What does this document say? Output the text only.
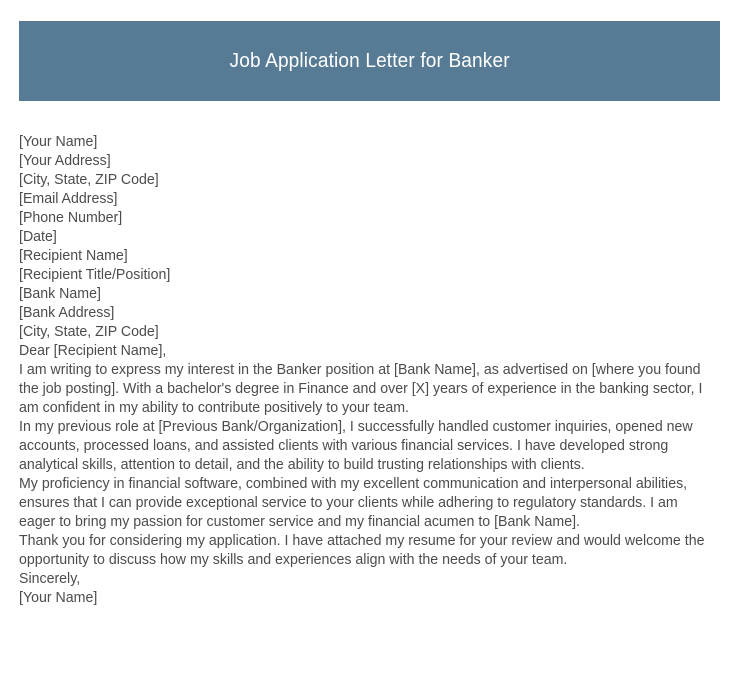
Job Application Letter for Banker
[Your Name]
[Your Address]
[City, State, ZIP Code]
[Email Address]
[Phone Number]
[Date]
[Recipient Name]
[Recipient Title/Position]
[Bank Name]
[Bank Address]
[City, State, ZIP Code]
Dear [Recipient Name],

I am writing to express my interest in the Banker position at [Bank Name], as advertised on [where you found the job posting]. With a bachelor's degree in Finance and over [X] years of experience in the banking sector, I am confident in my ability to contribute positively to your team.

In my previous role at [Previous Bank/Organization], I successfully handled customer inquiries, opened new accounts, processed loans, and assisted clients with various financial services. I have developed strong analytical skills, attention to detail, and the ability to build trusting relationships with clients.

My proficiency in financial software, combined with my excellent communication and interpersonal abilities, ensures that I can provide exceptional service to your clients while adhering to regulatory standards. I am eager to bring my passion for customer service and my financial acumen to [Bank Name].

Thank you for considering my application. I have attached my resume for your review and would welcome the opportunity to discuss how my skills and experiences align with the needs of your team.

Sincerely,
[Your Name]
